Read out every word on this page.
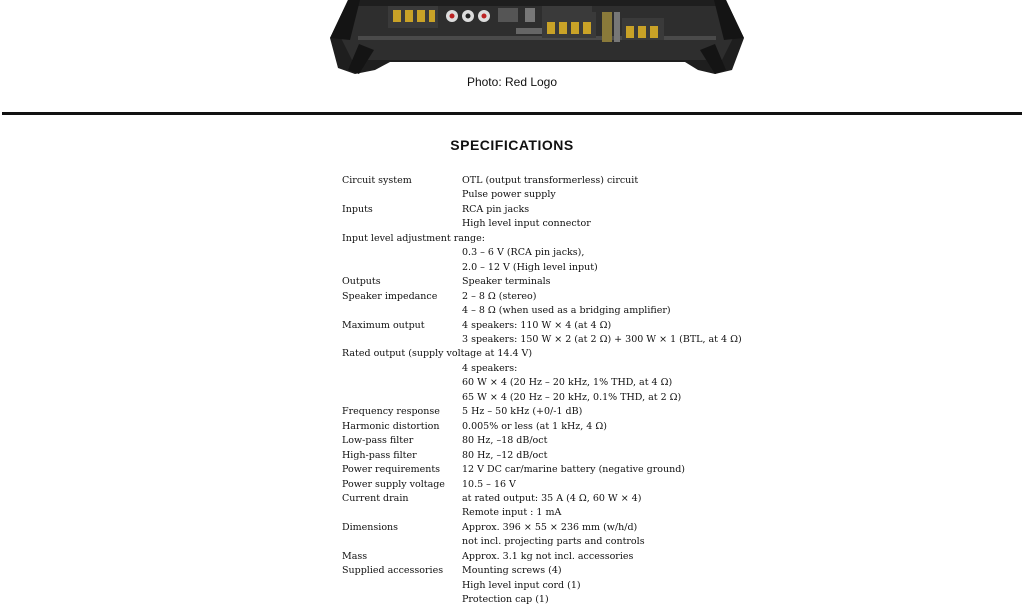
Photo: Red Logo
SPECIFICATIONS
Circuit system	OTL (output transformerless) circuit
Pulse power supply
Inputs	RCA pin jacks
High level input connector
Input level adjustment range:
0.3 – 6 V (RCA pin jacks),
2.0 – 12 V (High level input)
Outputs	Speaker terminals
Speaker impedance	2 – 8 Ω (stereo)
4 – 8 Ω (when used as a bridging amplifier)
Maximum output	4 speakers: 110 W × 4 (at 4 Ω)
3 speakers: 150 W × 2 (at 2 Ω) + 300 W × 1 (BTL, at 4 Ω)
Rated output (supply voltage at 14.4 V)
4 speakers:
60 W × 4 (20 Hz – 20 kHz, 1% THD, at 4 Ω)
65 W × 4 (20 Hz – 20 kHz, 0.1% THD, at 2 Ω)
Frequency response	5 Hz – 50 kHz (+0/-1 dB)
Harmonic distortion	0.005% or less (at 1 kHz, 4 Ω)
Low-pass filter	80 Hz, –18 dB/oct
High-pass filter	80 Hz, –12 dB/oct
Power requirements	12 V DC car/marine battery (negative ground)
Power supply voltage	10.5 – 16 V
Current drain	at rated output: 35 A (4 Ω, 60 W × 4)
Remote input : 1 mA
Dimensions	Approx. 396 × 55 × 236 mm (w/h/d)
not incl. projecting parts and controls
Mass	Approx. 3.1 kg not incl. accessories
Supplied accessories	Mounting screws (4)
High level input cord (1)
Protection cap (1)
